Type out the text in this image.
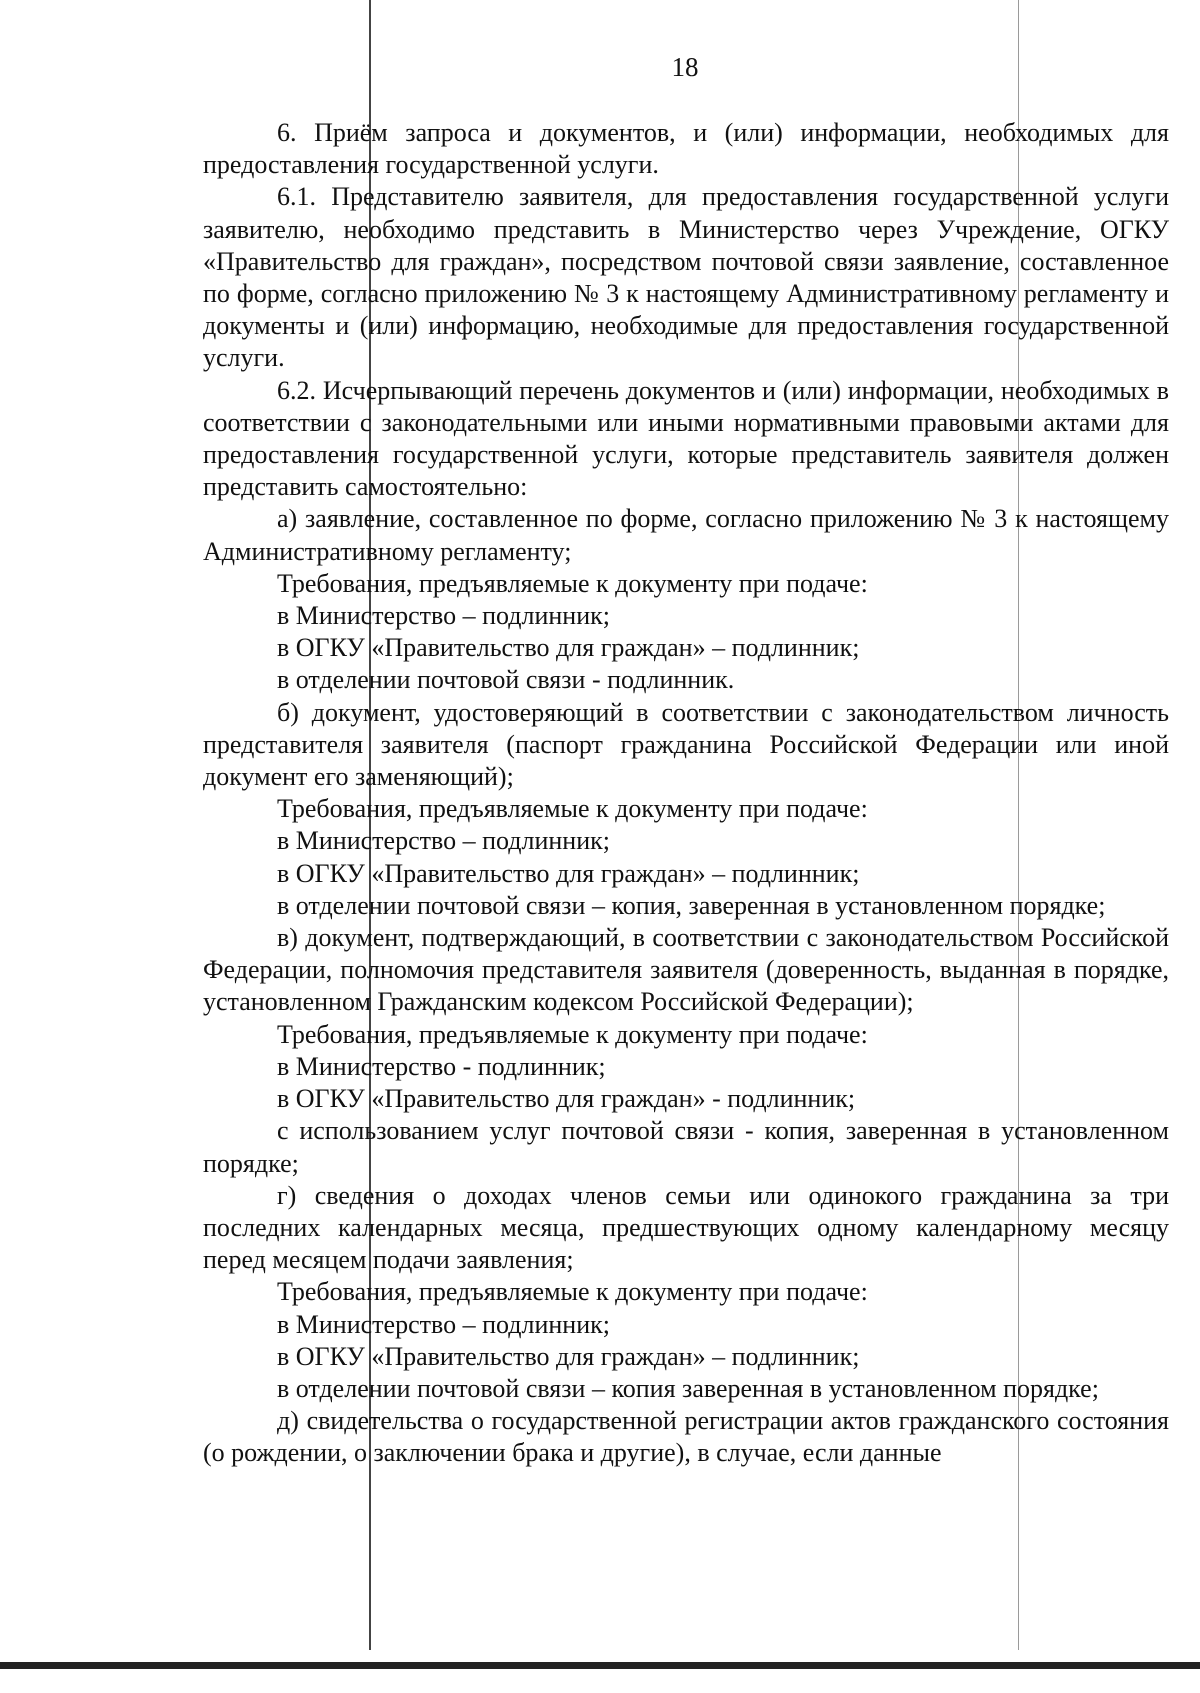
18

6. Приём запроса и документов, и (или) информации, необходимых для предоставления государственной услуги.

6.1. Представителю заявителя, для предоставления государственной услуги заявителю, необходимо представить в Министерство через Учреждение, ОГКУ «Правительство для граждан», посредством почтовой связи заявление, составленное по форме, согласно приложению № 3 к настоящему Административному регламенту и документы и (или) информацию, необходимые для предоставления государственной услуги.

6.2. Исчерпывающий перечень документов и (или) информации, необходимых в соответствии с законодательными или иными нормативными правовыми актами для предоставления государственной услуги, которые представитель заявителя должен представить самостоятельно:

а) заявление, составленное по форме, согласно приложению № 3 к настоящему Административному регламенту;

Требования, предъявляемые к документу при подаче:

в Министерство – подлинник;

в ОГКУ «Правительство для граждан» – подлинник;

в отделении почтовой связи - подлинник.

б) документ, удостоверяющий в соответствии с законодательством личность представителя заявителя (паспорт гражданина Российской Федерации или иной документ его заменяющий);

Требования, предъявляемые к документу при подаче:

в Министерство – подлинник;

в ОГКУ «Правительство для граждан» – подлинник;

в отделении почтовой связи – копия, заверенная в установленном порядке;

в) документ, подтверждающий, в соответствии с законодательством Российской Федерации, полномочия представителя заявителя (доверенность, выданная в порядке, установленном Гражданским кодексом Российской Федерации);

Требования, предъявляемые к документу при подаче:

в Министерство - подлинник;

в ОГКУ «Правительство для граждан» - подлинник;

с использованием услуг почтовой связи - копия, заверенная в установленном порядке;

г) сведения о доходах членов семьи или одинокого гражданина за три последних календарных месяца, предшествующих одному календарному месяцу перед месяцем подачи заявления;

Требования, предъявляемые к документу при подаче:

в Министерство – подлинник;

в ОГКУ «Правительство для граждан» – подлинник;

в отделении почтовой связи – копия заверенная в установленном порядке;

д) свидетельства о государственной регистрации актов гражданского состояния (о рождении, о заключении брака и другие), в случае, если данные
